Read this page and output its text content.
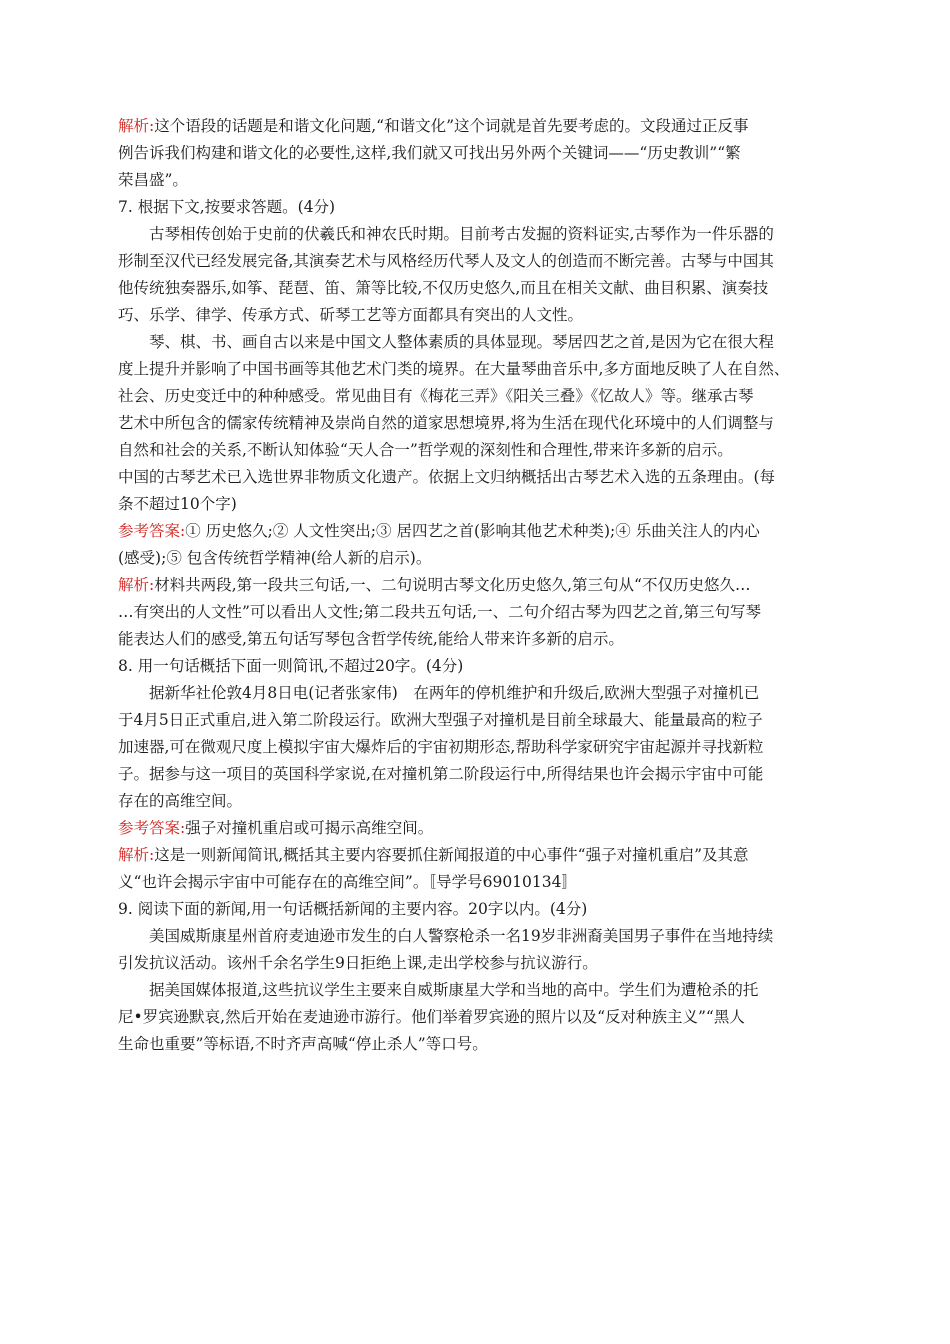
解析:这个语段的话题是和谐文化问题,“和谐文化”这个词就是首先要考虑的。文段通过正反事
例告诉我们构建和谐文化的必要性,这样,我们就又可找出另外两个关键词——“历史教训”“繁
荣昌盛”。
7. 根据下文,按要求答题。(4分)
古琴相传创始于史前的伏羲氏和神农氏时期。目前考古发掘的资料证实,古琴作为一件乐器的
形制至汉代已经发展完备,其演奏艺术与风格经历代琴人及文人的创造而不断完善。古琴与中国其
他传统独奏器乐,如筝、琵琶、笛、箫等比较,不仅历史悠久,而且在相关文献、曲目积累、演奏技
巧、乐学、律学、传承方式、斫琴工艺等方面都具有突出的人文性。
琴、棋、书、画自古以来是中国文人整体素质的具体显现。琴居四艺之首,是因为它在很大程
度上提升并影响了中国书画等其他艺术门类的境界。在大量琴曲音乐中,多方面地反映了人在自然、
社会、历史变迁中的种种感受。常见曲目有《梅花三弄》《阳关三叠》《忆故人》等。继承古琴
艺术中所包含的儒家传统精神及崇尚自然的道家思想境界,将为生活在现代化环境中的人们调整与
自然和社会的关系,不断认知体验“天人合一”哲学观的深刻性和合理性,带来许多新的启示。
中国的古琴艺术已入选世界非物质文化遗产。依据上文归纳概括出古琴艺术入选的五条理由。(每
条不超过10个字)
参考答案:① 历史悠久;② 人文性突出;③ 居四艺之首(影响其他艺术种类);④ 乐曲关注人的内心
(感受);⑤ 包含传统哲学精神(给人新的启示)。
解析:材料共两段,第一段共三句话,一、二句说明古琴文化历史悠久,第三句从“不仅历史悠久…
…有突出的人文性”可以看出人文性;第二段共五句话,一、二句介绍古琴为四艺之首,第三句写琴
能表达人们的感受,第五句话写琴包含哲学传统,能给人带来许多新的启示。
8. 用一句话概括下面一则简讯,不超过20字。(4分)
据新华社伦敦4月8日电(记者张家伟)　在两年的停机维护和升级后,欧洲大型强子对撞机已
于4月5日正式重启,进入第二阶段运行。欧洲大型强子对撞机是目前全球最大、能量最高的粒子
加速器,可在微观尺度上模拟宇宙大爆炸后的宇宙初期形态,帮助科学家研究宇宙起源并寻找新粒
子。据参与这一项目的英国科学家说,在对撞机第二阶段运行中,所得结果也许会揭示宇宙中可能
存在的高维空间。
参考答案:强子对撞机重启或可揭示高维空间。
解析:这是一则新闻简讯,概括其主要内容要抓住新闻报道的中心事件“强子对撞机重启”及其意
义“也许会揭示宇宙中可能存在的高维空间”。〚导学号69010134〛
9. 阅读下面的新闻,用一句话概括新闻的主要内容。20字以内。(4分)
美国威斯康星州首府麦迪逊市发生的白人警察枪杀一名19岁非洲裔美国男子事件在当地持续
引发抗议活动。该州千余名学生9日拒绝上课,走出学校参与抗议游行。
据美国媒体报道,这些抗议学生主要来自威斯康星大学和当地的高中。学生们为遭枪杀的托
尼•罗宾逊默哀,然后开始在麦迪逊市游行。他们举着罗宾逊的照片以及“反对种族主义”“黑人
生命也重要”等标语,不时齐声高喊“停止杀人”等口号。
